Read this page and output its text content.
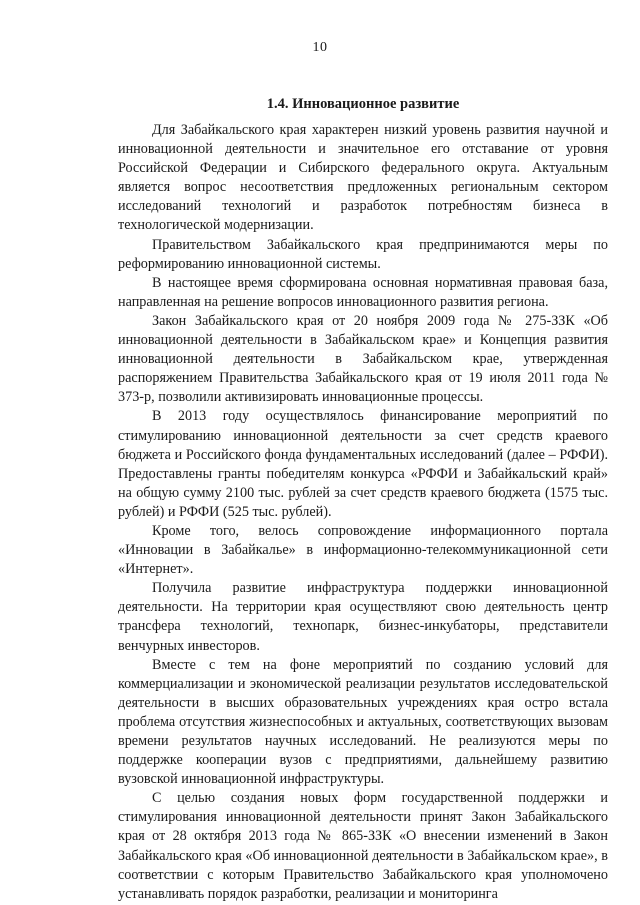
10
1.4. Инновационное развитие

Для Забайкальского края характерен низкий уровень развития научной и инновационной деятельности и значительное его отставание от уровня Российской Федерации и Сибирского федерального округа. Актуальным является вопрос несоответствия предложенных региональным сектором исследований технологий и разработок потребностям бизнеса в технологической модернизации.

Правительством Забайкальского края предпринимаются меры по реформированию инновационной системы.

В настоящее время сформирована основная нормативная правовая база, направленная на решение вопросов инновационного развития региона.

Закон Забайкальского края от 20 ноября 2009 года № 275-ЗЗК «Об инновационной деятельности в Забайкальском крае» и Концепция развития инновационной деятельности в Забайкальском крае, утвержденная распоряжением Правительства Забайкальского края от 19 июля 2011 года № 373-р, позволили активизировать инновационные процессы.

В 2013 году осуществлялось финансирование мероприятий по стимулированию инновационной деятельности за счет средств краевого бюджета и Российского фонда фундаментальных исследований (далее – РФФИ). Предоставлены гранты победителям конкурса «РФФИ и Забайкальский край» на общую сумму 2100 тыс. рублей за счет средств краевого бюджета (1575 тыс. рублей) и РФФИ (525 тыс. рублей).

Кроме того, велось сопровождение информационного портала «Инновации в Забайкалье» в информационно-телекоммуникационной сети «Интернет».

Получила развитие инфраструктура поддержки инновационной деятельности. На территории края осуществляют свою деятельность центр трансфера технологий, технопарк, бизнес-инкубаторы, представители венчурных инвесторов.

Вместе с тем на фоне мероприятий по созданию условий для коммерциализации и экономической реализации результатов исследовательской деятельности в высших образовательных учреждениях края остро встала проблема отсутствия жизнеспособных и актуальных, соответствующих вызовам времени результатов научных исследований. Не реализуются меры по поддержке кооперации вузов с предприятиями, дальнейшему развитию вузовской инновационной инфраструктуры.

С целью создания новых форм государственной поддержки и стимулирования инновационной деятельности принят Закон Забайкальского края от 28 октября 2013 года № 865-ЗЗК «О внесении изменений в Закон Забайкальского края «Об инновационной деятельности в Забайкальском крае», в соответствии с которым Правительство Забайкальского края уполномочено устанавливать порядок разработки, реализации и мониторинга
